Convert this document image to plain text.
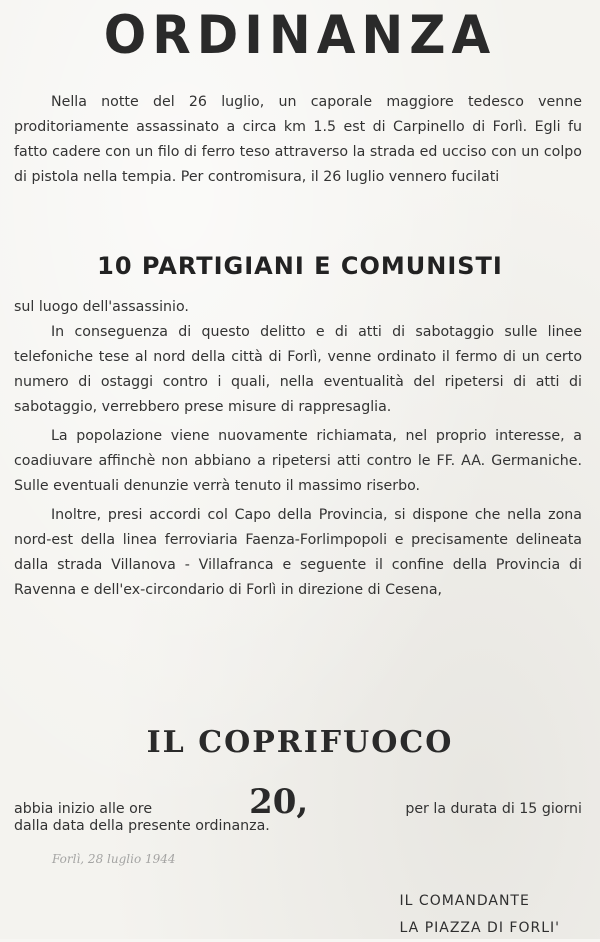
ORDINANZA

Nella notte del 26 luglio, un caporale maggiore tedesco venne proditoriamente assassinato a circa km 1.5 est di Carpinello di Forlì. Egli fu fatto cadere con un filo di ferro teso attraverso la strada ed ucciso con un colpo di pistola nella tempia. Per contromisura, il 26 luglio vennero fucilati

10 PARTIGIANI E COMUNISTI

sul luogo dell'assassinio.

In conseguenza di questo delitto e di atti di sabotaggio sulle linee telefoniche tese al nord della città di Forlì, venne ordinato il fermo di un certo numero di ostaggi contro i quali, nella eventualità del ripetersi di atti di sabotaggio, verrebbero prese misure di rappresaglia.

La popolazione viene nuovamente richiamata, nel proprio interesse, a coadiuvare affinchè non abbiano a ripetersi atti contro le FF. AA. Germaniche. Sulle eventuali denunzie verrà tenuto il massimo riserbo.

Inoltre, presi accordi col Capo della Provincia, si dispone che nella zona nord-est della linea ferroviaria Faenza-Forlimpopoli e precisamente delineata dalla strada Villanova - Villafranca e seguente il confine della Provincia di Ravenna e dell'ex-circondario di Forlì in direzione di Cesena,

IL COPRIFUOCO
abbia inizio alle ore	20,	per la durata di 15 giorni
dalla data della presente ordinanza.
Forlì, 28 luglio 1944
IL COMANDANTE
LA PIAZZA DI FORLI'
